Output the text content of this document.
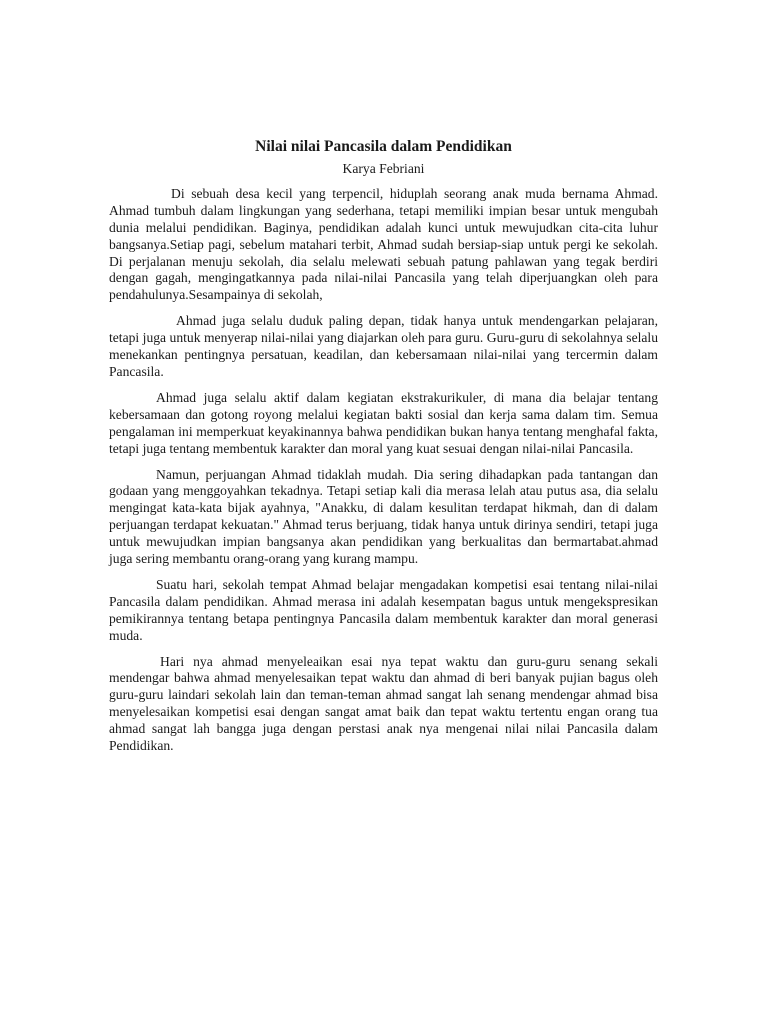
Nilai nilai Pancasila dalam Pendidikan
Karya Febriani

Di sebuah desa kecil yang terpencil, hiduplah seorang anak muda bernama Ahmad. Ahmad tumbuh dalam lingkungan yang sederhana, tetapi memiliki impian besar untuk mengubah dunia melalui pendidikan. Baginya, pendidikan adalah kunci untuk mewujudkan cita-cita luhur bangsanya.Setiap pagi, sebelum matahari terbit, Ahmad sudah bersiap-siap untuk pergi ke sekolah. Di perjalanan menuju sekolah, dia selalu melewati sebuah patung pahlawan yang tegak berdiri dengan gagah, mengingatkannya pada nilai-nilai Pancasila yang telah diperjuangkan oleh para pendahulunya.Sesampainya di sekolah,

Ahmad juga selalu duduk paling depan, tidak hanya untuk mendengarkan pelajaran, tetapi juga untuk menyerap nilai-nilai yang diajarkan oleh para guru. Guru-guru di sekolahnya selalu menekankan pentingnya persatuan, keadilan, dan kebersamaan nilai-nilai yang tercermin dalam Pancasila.

Ahmad juga selalu aktif dalam kegiatan ekstrakurikuler, di mana dia belajar tentang kebersamaan dan gotong royong melalui kegiatan bakti sosial dan kerja sama dalam tim. Semua pengalaman ini memperkuat keyakinannya bahwa pendidikan bukan hanya tentang menghafal fakta, tetapi juga tentang membentuk karakter dan moral yang kuat sesuai dengan nilai-nilai Pancasila.

Namun, perjuangan Ahmad tidaklah mudah. Dia sering dihadapkan pada tantangan dan godaan yang menggoyahkan tekadnya. Tetapi setiap kali dia merasa lelah atau putus asa, dia selalu mengingat kata-kata bijak ayahnya, "Anakku, di dalam kesulitan terdapat hikmah, dan di dalam perjuangan terdapat kekuatan." Ahmad terus berjuang, tidak hanya untuk dirinya sendiri, tetapi juga untuk mewujudkan impian bangsanya akan pendidikan yang berkualitas dan bermartabat.ahmad juga sering membantu orang-orang yang kurang mampu.

Suatu hari, sekolah tempat Ahmad belajar mengadakan kompetisi esai tentang nilai-nilai Pancasila dalam pendidikan. Ahmad merasa ini adalah kesempatan bagus untuk mengekspresikan pemikirannya tentang betapa pentingnya Pancasila dalam membentuk karakter dan moral generasi muda.

Hari nya ahmad menyeleaikan esai nya tepat waktu dan guru-guru senang sekali mendengar bahwa ahmad menyelesaikan tepat waktu dan ahmad di beri banyak pujian bagus oleh guru-guru laindari sekolah lain dan teman-teman ahmad sangat lah senang mendengar ahmad bisa menyelesaikan kompetisi esai dengan sangat amat baik dan tepat waktu tertentu engan orang tua ahmad sangat lah bangga juga dengan perstasi anak nya mengenai nilai nilai Pancasila dalam Pendidikan.
